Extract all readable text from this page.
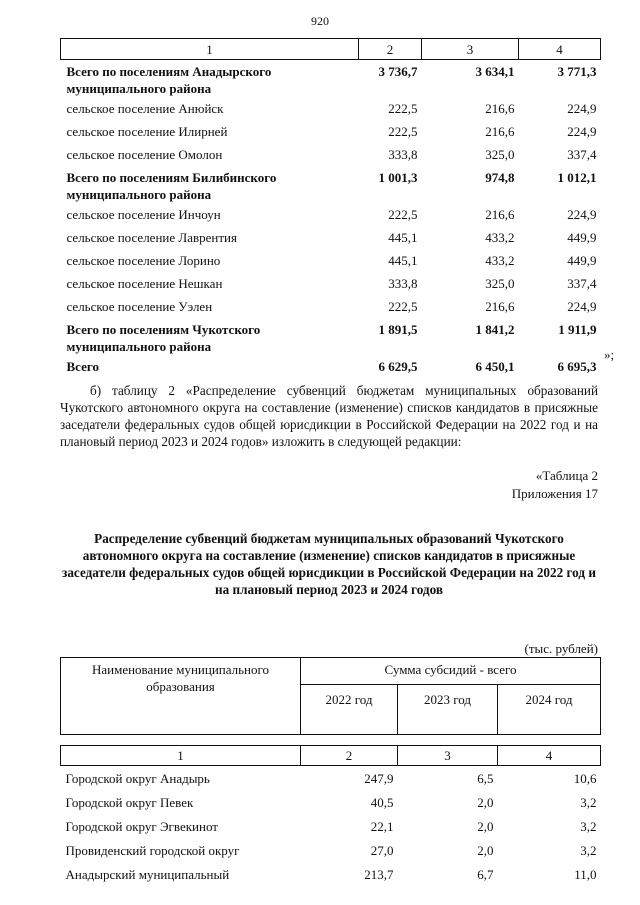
920
1	2	3	4
Всего по поселениям Анадырского муниципального района	3 736,7	3 634,1	3 771,3
сельское поселение Анюйск	222,5	216,6	224,9
сельское поселение Илирней	222,5	216,6	224,9
сельское поселение Омолон	333,8	325,0	337,4
Всего по поселениям Билибинского муниципального района	1 001,3	974,8	1 012,1
сельское поселение Инчоун	222,5	216,6	224,9
сельское поселение Лаврентия	445,1	433,2	449,9
сельское поселение Лорино	445,1	433,2	449,9
сельское поселение Нешкан	333,8	325,0	337,4
сельское поселение Уэлен	222,5	216,6	224,9
Всего по поселениям Чукотского муниципального района	1 891,5	1 841,2	1 911,9
Всего	6 629,5	6 450,1	6 695,3
»;
б) таблицу 2 «Распределение субвенций бюджетам муниципальных образований Чукотского автономного округа на составление (изменение) списков кандидатов в присяжные заседатели федеральных судов общей юрисдикции в Российской Федерации на 2022 год и на плановый период 2023 и 2024 годов» изложить в следующей редакции:
«Таблица 2
Приложения 17
Распределение субвенций бюджетам муниципальных образований Чукотского автономного округа на составление (изменение) списков кандидатов в присяжные заседатели федеральных судов общей юрисдикции в Российской Федерации на 2022 год и на плановый период 2023 и 2024 годов
(тыс. рублей)
Наименование муниципального образования	Сумма субсидий - всего		
	2022 год	2023 год	2024 год

1	2	3	4
Городской округ Анадырь	247,9	6,5	10,6
Городской округ Певек	40,5	2,0	3,2
Городской округ Эгвекинот	22,1	2,0	3,2
Провиденский городской округ	27,0	2,0	3,2
Анадырский муниципальный	213,7	6,7	11,0
